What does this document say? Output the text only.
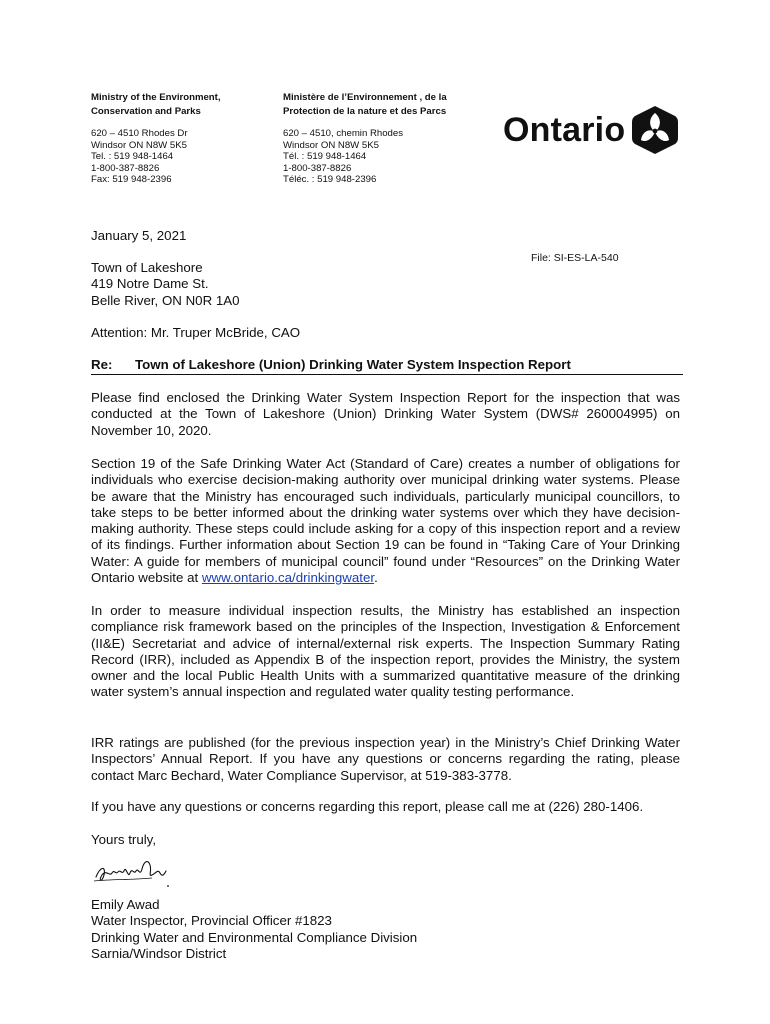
Ministry of the Environment,
Conservation and Parks
620 – 4510 Rhodes Dr
Windsor ON N8W 5K5
Tel. : 519 948-1464
1-800-387-8826
Fax: 519 948-2396
Ministère de l’Environnement , de la
Protection de la nature et des Parcs
620 – 4510, chemin Rhodes
Windsor ON N8W 5K5
Tél. : 519 948-1464
1-800-387-8826
Téléc. : 519 948-2396
Ontario
January 5, 2021
File: SI-ES-LA-540
Town of Lakeshore
419 Notre Dame St.
Belle River, ON N0R 1A0
Attention: Mr. Truper McBride, CAO
Re: Town of Lakeshore (Union) Drinking Water System Inspection Report
Please find enclosed the Drinking Water System Inspection Report for the inspection that was conducted at the Town of Lakeshore (Union) Drinking Water System (DWS# 260004995) on November 10, 2020.
Section 19 of the Safe Drinking Water Act (Standard of Care) creates a number of obligations for individuals who exercise decision-making authority over municipal drinking water systems. Please be aware that the Ministry has encouraged such individuals, particularly municipal councillors, to take steps to be better informed about the drinking water systems over which they have decision-making authority. These steps could include asking for a copy of this inspection report and a review of its findings. Further information about Section 19 can be found in “Taking Care of Your Drinking Water: A guide for members of municipal council” found under “Resources” on the Drinking Water Ontario website at www.ontario.ca/drinkingwater.
In order to measure individual inspection results, the Ministry has established an inspection compliance risk framework based on the principles of the Inspection, Investigation & Enforcement (II&E) Secretariat and advice of internal/external risk experts. The Inspection Summary Rating Record (IRR), included as Appendix B of the inspection report, provides the Ministry, the system owner and the local Public Health Units with a summarized quantitative measure of the drinking water system’s annual inspection and regulated water quality testing performance.
IRR ratings are published (for the previous inspection year) in the Ministry’s Chief Drinking Water Inspectors’ Annual Report. If you have any questions or concerns regarding the rating, please contact Marc Bechard, Water Compliance Supervisor, at 519-383-3778.
If you have any questions or concerns regarding this report, please call me at (226) 280-1406.
Yours truly,
Emily Awad
Water Inspector, Provincial Officer #1823
Drinking Water and Environmental Compliance Division
Sarnia/Windsor District
